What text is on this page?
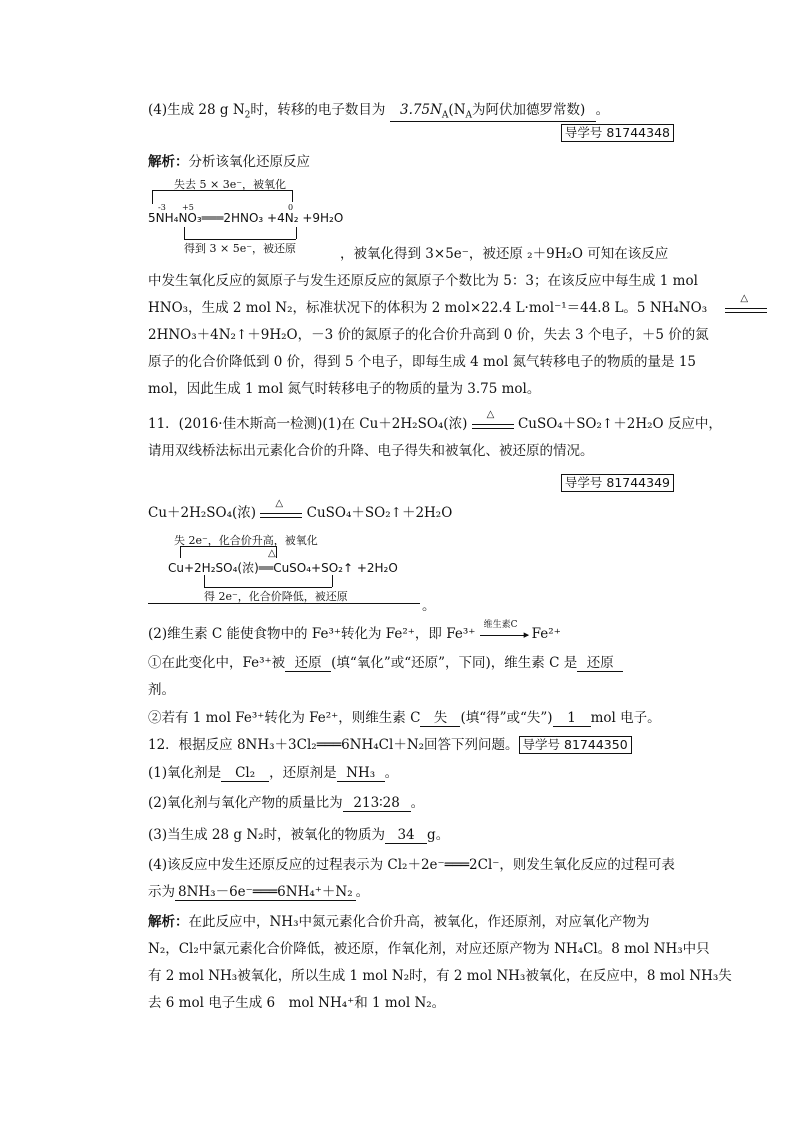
(4)生成 28 g $N_2$时，转移的电子数目为 $3.75N_A(N_A$为阿伏加德罗常数) 。
导学号 81744348
解析：分析该氧化还原反应
失去 5 × 3e⁻，被氧化
-3 +5	0
5NH₄NO₃═══2HNO₃ +4N₂ +9H₂O
得到 3 × 5e⁻，被还原	，被氧化得到 3×5e⁻，被还原 ₂＋9H₂O 可知在该反应
中发生氧化反应的氮原子与发生还原反应的氮原子个数比为 5：3；在该反应中每生成 1 mol
HNO₃，生成 2 mol N₂，标准状况下的体积为 2 mol×22.4 L·mol⁻¹＝44.8 L。5 NH₄NO₃
△
2HNO₃＋4N₂↑＋9H₂O，－3 价的氮原子的化合价升高到 0 价，失去 3 个电子，＋5 价的氮
原子的化合价降低到 0 价，得到 5 个电子，即每生成 4 mol 氮气转移电子的物质的量是 15
mol，因此生成 1 mol 氮气时转移电子的物质的量为 3.75 mol。
11．(2016·佳木斯高一检测)(1)在 Cu＋2H₂SO₄(浓)
△
CuSO₄＋SO₂↑＋2H₂O 反应中，
请用双线桥法标出元素化合价的升降、电子得失和被氧化、被还原的情况。
导学号 81744349
Cu＋2H₂SO₄(浓)
△
CuSO₄＋SO₂↑＋2H₂O
失 2e⁻，化合价升高，被氧化
△
Cu+2H₂SO₄(浓)══CuSO₄+SO₂↑ +2H₂O
得 2e⁻，化合价降低，被还原
。
(2)维生素 C 能使食物中的 Fe³⁺转化为 Fe²⁺，即 Fe³⁺
维生素C
▸ Fe²⁺
①在此变化中，Fe³⁺被 还原 (填“氧化”或“还原”，下同)，维生素 C 是 还原
剂。
②若有 1 mol Fe³⁺转化为 Fe²⁺，则维生素 C 失 (填“得”或“失”) 1 mol 电子。
12．根据反应 8NH₃＋3Cl₂═══6NH₄Cl＋N₂回答下列问题。 导学号 81744350
(1)氧化剂是 Cl₂ ，还原剂是 NH₃ 。
(2)氧化剂与氧化产物的质量比为 213∶28 。
(3)当生成 28 g N₂时，被氧化的物质为 34 g。
(4)该反应中发生还原反应的过程表示为 Cl₂＋2e⁻═══2Cl⁻，则发生氧化反应的过程可表
示为 8NH₃－6e⁻═══6NH₄⁺＋N₂ 。
解析：在此反应中，NH₃中氮元素化合价升高，被氧化，作还原剂，对应氧化产物为
N₂，Cl₂中氯元素化合价降低，被还原，作氧化剂，对应还原产物为 NH₄Cl。8 mol NH₃中只
有 2 mol NH₃被氧化，所以生成 1 mol N₂时，有 2 mol NH₃被氧化，在反应中，8 mol NH₃失
去 6 mol 电子生成 6　mol NH₄⁺和 1 mol N₂。
